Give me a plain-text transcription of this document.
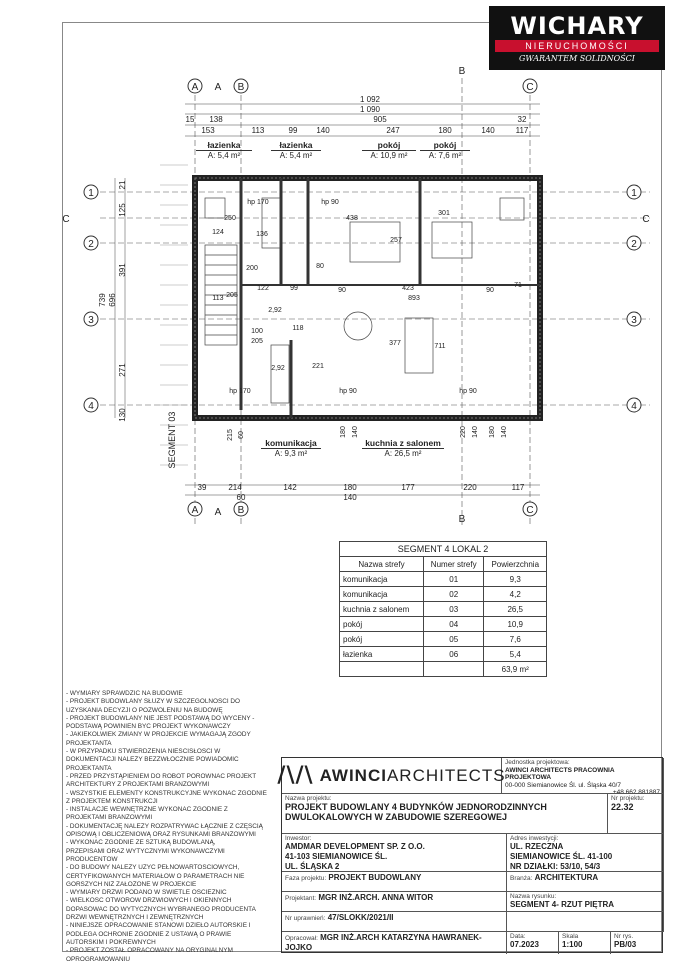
WICHARY
NIERUCHOMOŚCI
GWARANTEM SOLIDNOŚCI
A	B	C
A	B	C
1
2
3
4
1
2
3
4
A
B
A
B
C	C
1 092
1 090
15 138	905	32
117
153	113	99 140	247	180	140
39	214	142	180	177	220	117
60	140
739 696
391
271
21
125
130	SEGMENT 03
hp 170	hp 90
438
301
136
257
124
250
122	99
205
200	80
423
90	90
893
71
2,92
113
711
377
221
100
205
118
2,92
hp 170	hp 90	hp 90
215 60	180 140	180 140
220 140
łazienka
A: 5,4 m²
łazienka
A: 5,4 m²
pokój
A: 10,9 m²
pokój
A: 7,6 m²
komunikacja
A: 9,3 m²
kuchnia z salonem
A: 26,5 m²
SEGMENT 4 LOKAL 2
Nazwa strefy	Numer strefy	Powierzchnia
komunikacja	01	9,3
komunikacja	02	4,2
kuchnia z salonem	03	26,5
pokój	04	10,9
pokój	05	7,6
łazienka	06	5,4
		63,9 m²
- WYMIARY SPRAWDZIĆ NA BUDOWIE
- PROJEKT BUDOWLANY SŁUŻY W SZCZEGÓLNOŚCI DO
UZYSKANIA DECYZJI O POZWOLENIU NA BUDOWĘ
- PROJEKT BUDOWLANY NIE JEST PODSTAWĄ DO WYCENY -
PODSTAWĄ POWINIEN BYĆ PROJEKT WYKONAWCZY
- JAKIEKOLWIEK ZMIANY W PROJEKCIE WYMAGAJĄ ZGODY
PROJEKTANTA
- W PRZYPADKU STWIERDZENIA NIEŚCISŁOŚCI W
DOKUMENTACJI NALEŻY BEZZWŁOCZNIE POWIADOMIĆ
PROJEKTANTA
- PRZED PRZYSTĄPIENIEM DO ROBÓT PORÓWNAĆ PROJEKT
ARCHITEKTURY Z PROJEKTAMI BRANŻOWYMI
- WSZYSTKIE ELEMENTY KONSTRUKCYJNE WYKONAĆ ZGODNIE
Z PROJEKTEM KONSTRUKCJI
- INSTALACJE WEWNĘTRZNE WYKONAĆ ZGODNIE Z
PROJEKTAMI BRANŻOWYMI
- DOKUMENTACJĘ NALEŻY ROZPATRYWAĆ ŁĄCZNIE Z CZĘŚCIĄ
OPISOWĄ I OBLICZENIOWĄ ORAZ RYSUNKAMI BRANŻOWYMI
- WYKONAĆ ZGODNIE ZE SZTUKĄ BUDOWLANĄ,
PRZEPISAMI ORAZ WYTYCZNYMI WYKONAWCZYMI
PRODUCENTÓW
- DO BUDOWY NALEŻY UŻYĆ PEŁNOWARTOŚCIOWYCH,
CERTYFIKOWANYCH MATERIAŁÓW O PARAMETRACH NIE
GORSZYCH NIŻ ZAŁOŻONE W PROJEKCIE
- WYMIARY DRZWI PODANO W ŚWIETLE OŚCIEŻNIC
- WIELKOŚĆ OTWORÓW DRZWIOWYCH I OKIENNYCH
DOPASOWAĆ DO WYTYCZNYCH WYBRANEGO PRODUCENTA
DRZWI WEWNĘTRZNYCH I ZEWNĘTRZNYCH
- NINIEJSZE OPRACOWANIE STANOWI DZIEŁO AUTORSKIE I
PODLEGA OCHRONIE ZGODNIE Z USTAWĄ O PRAWIE
AUTORSKIM I POKREWNYCH
- PROJEKT ZOSTAŁ OPRACOWANY NA ORYGINALNYM
OPROGRAMOWANIU
/\/\ AWINCI ARCHITECTS
Jednostka projektowa:
AWINCI ARCHITECTS PRACOWNIA PROJEKTOWA
00-000 Siemianowice Śl. ul. Śląska 40/7
+48 662 881887
Nazwa projektu:
PROJEKT BUDOWLANY 4 BUDYNKÓW JEDNORODZINNYCH DWULOKALOWYCH W ZABUDOWIE SZEREGOWEJ
Nr projektu:
22.32
Inwestor:
AMDMAR DEVELOPMENT SP. Z O.O.
41-103 SIEMIANOWICE ŚL.
UL. ŚLĄSKA 2
Adres inwestycji:
UL. RZECZNA
SIEMIANOWICE ŚL. 41-100
NR DZIAŁKI: 53/10, 54/3
Faza projektu: PROJEKT BUDOWLANY	Branża: ARCHITEKTURA
Projektant: MGR INŻ.ARCH. ANNA WITOR	Nazwa rysunku:
SEGMENT 4- RZUT PIĘTRA
Nr uprawnień: 47/SLOKK/2021/II
Opracował: MGR INŻ.ARCH KATARZYNA HAWRANEK-JOJKO
Data:
07.2023
Skala
1:100
Nr rys.
PB/03
